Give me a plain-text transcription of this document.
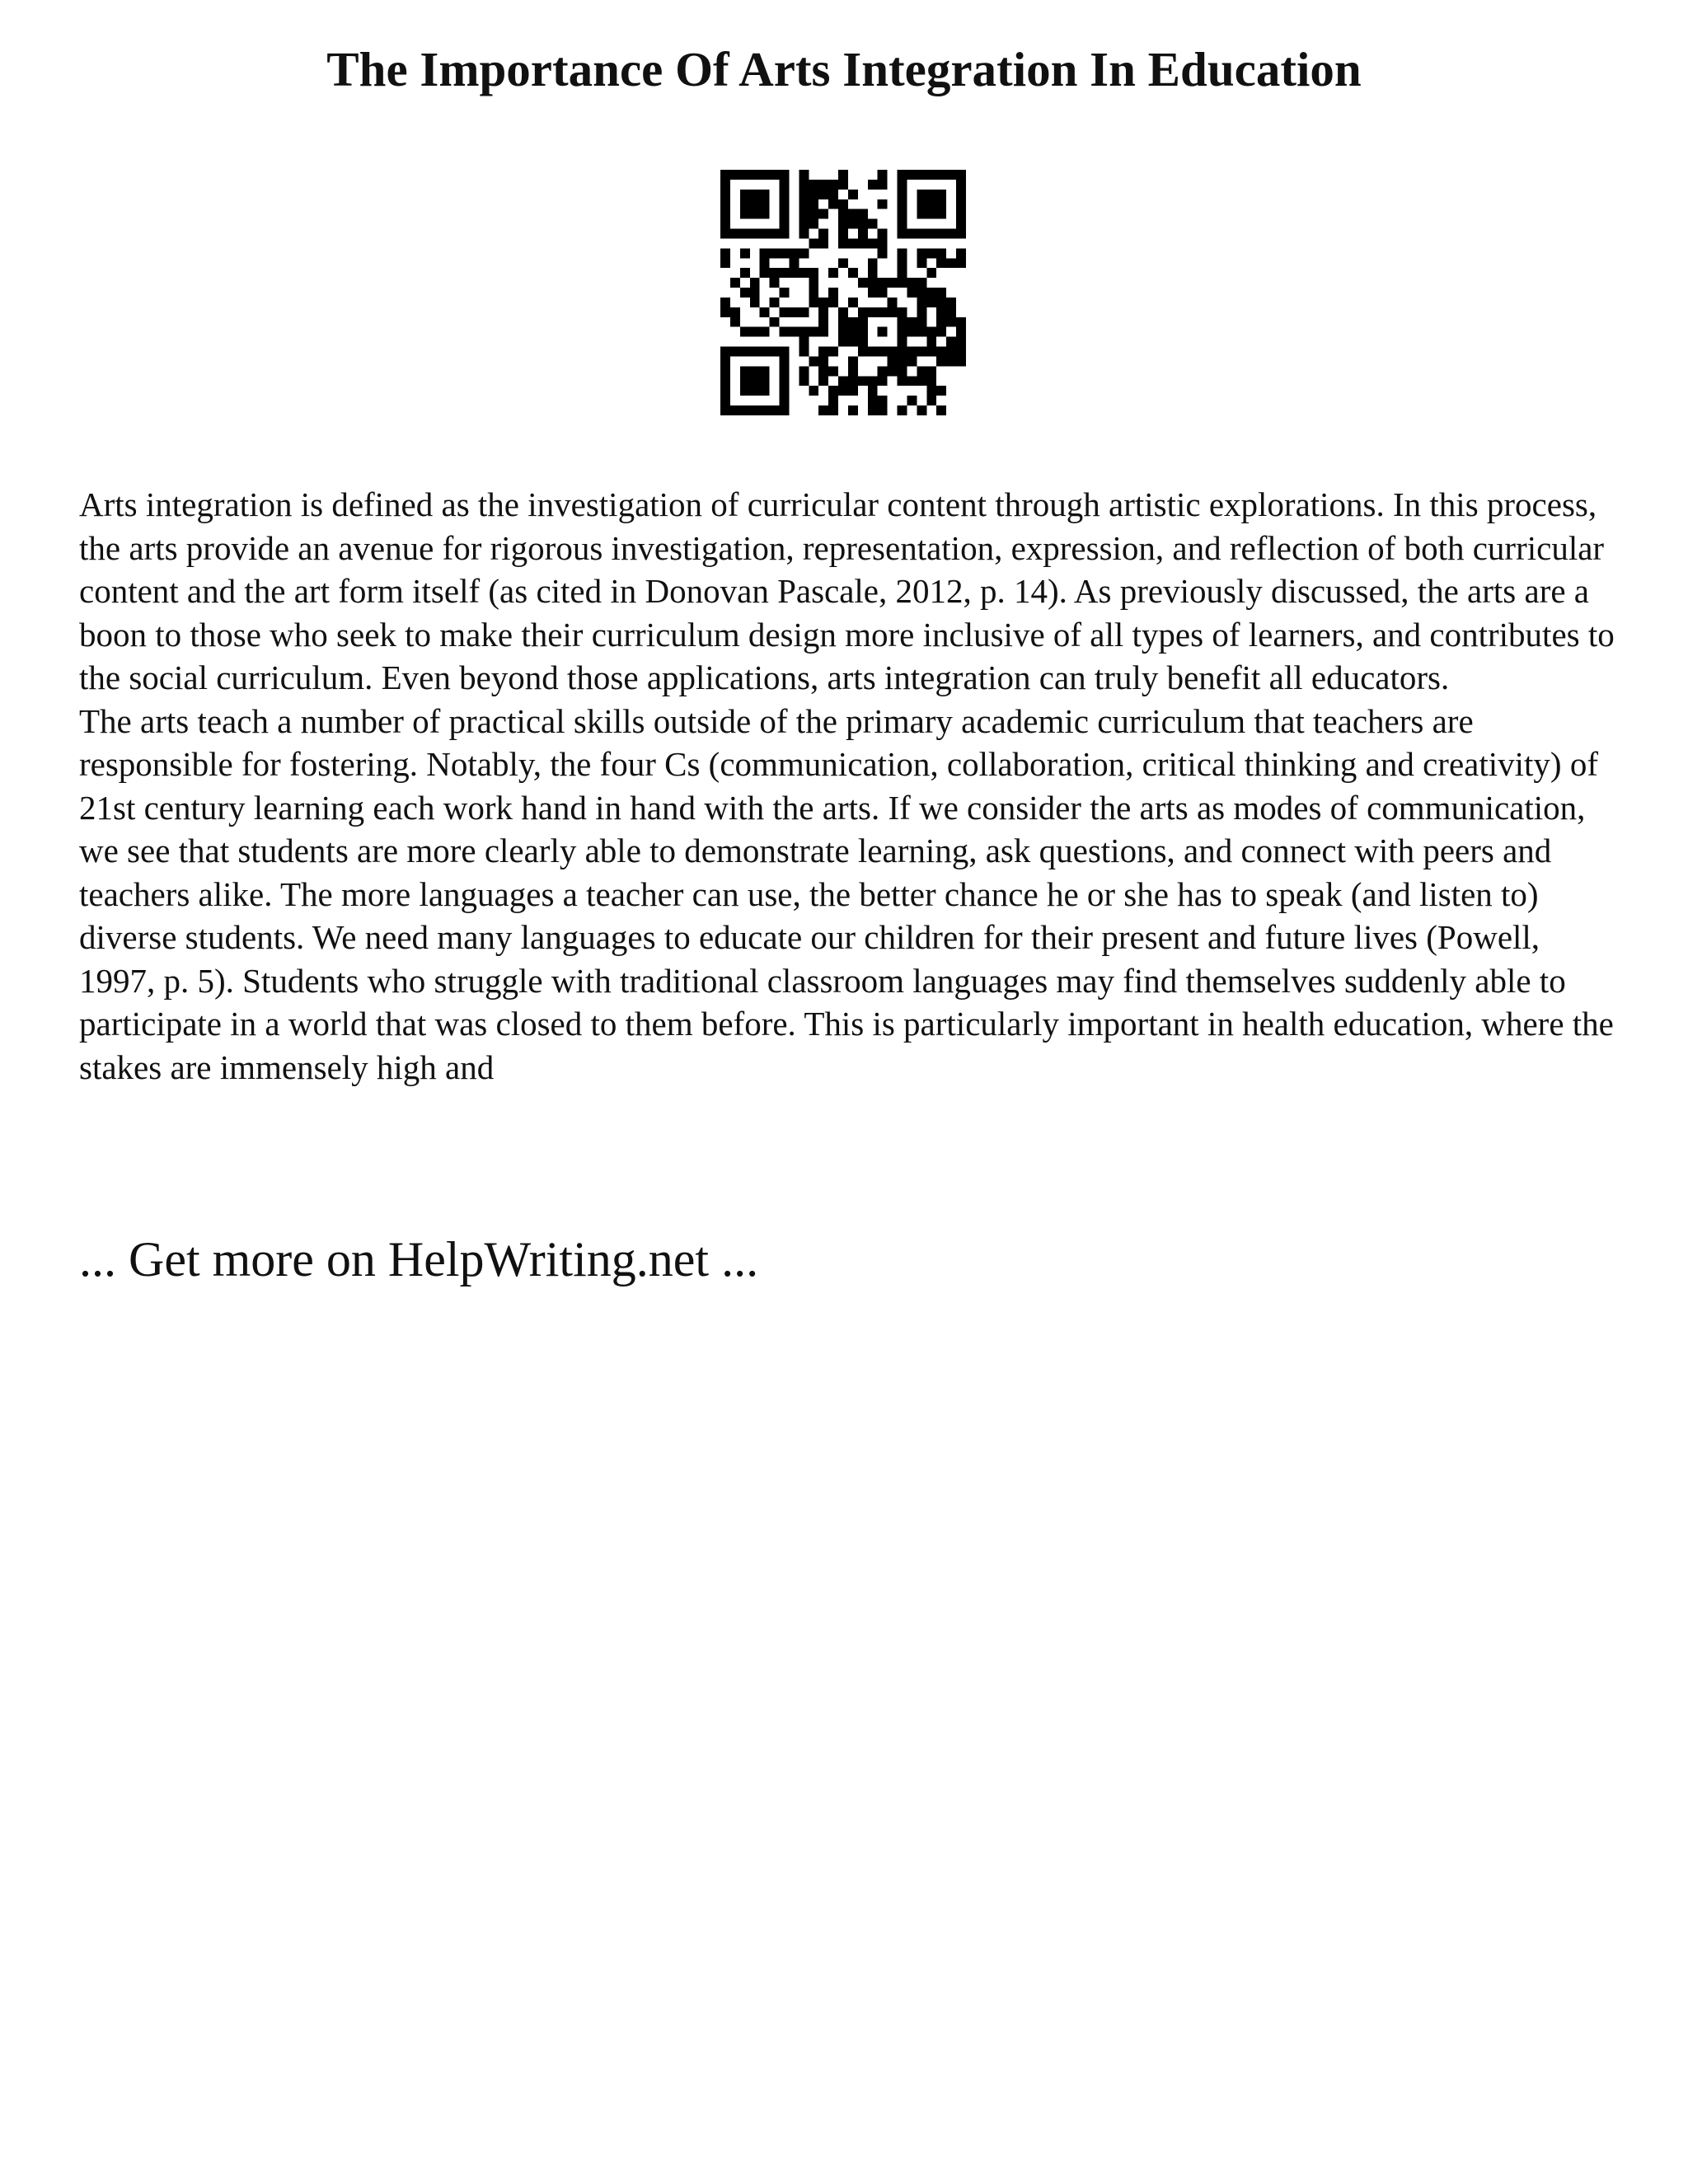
The Importance Of Arts Integration In Education

Arts integration is defined as the investigation of curricular content through artistic explorations. In this process, the arts provide an avenue for rigorous investigation, representation, expression, and reflection of both curricular content and the art form itself (as cited in Donovan Pascale, 2012, p. 14). As previously discussed, the arts are a boon to those who seek to make their curriculum design more inclusive of all types of learners, and contributes to the social curriculum. Even beyond those applications, arts integration can truly benefit all educators.

The arts teach a number of practical skills outside of the primary academic curriculum that teachers are responsible for fostering. Notably, the four Cs (communication, collaboration, critical thinking and creativity) of 21st century learning each work hand in hand with the arts. If we consider the arts as modes of communication, we see that students are more clearly able to demonstrate learning, ask questions, and connect with peers and teachers alike. The more languages a teacher can use, the better chance he or she has to speak (and listen to) diverse students. We need many languages to educate our children for their present and future lives (Powell, 1997, p. 5). Students who struggle with traditional classroom languages may find themselves suddenly able to participate in a world that was closed to them before. This is particularly important in health education, where the stakes are immensely high and

... Get more on HelpWriting.net ...
